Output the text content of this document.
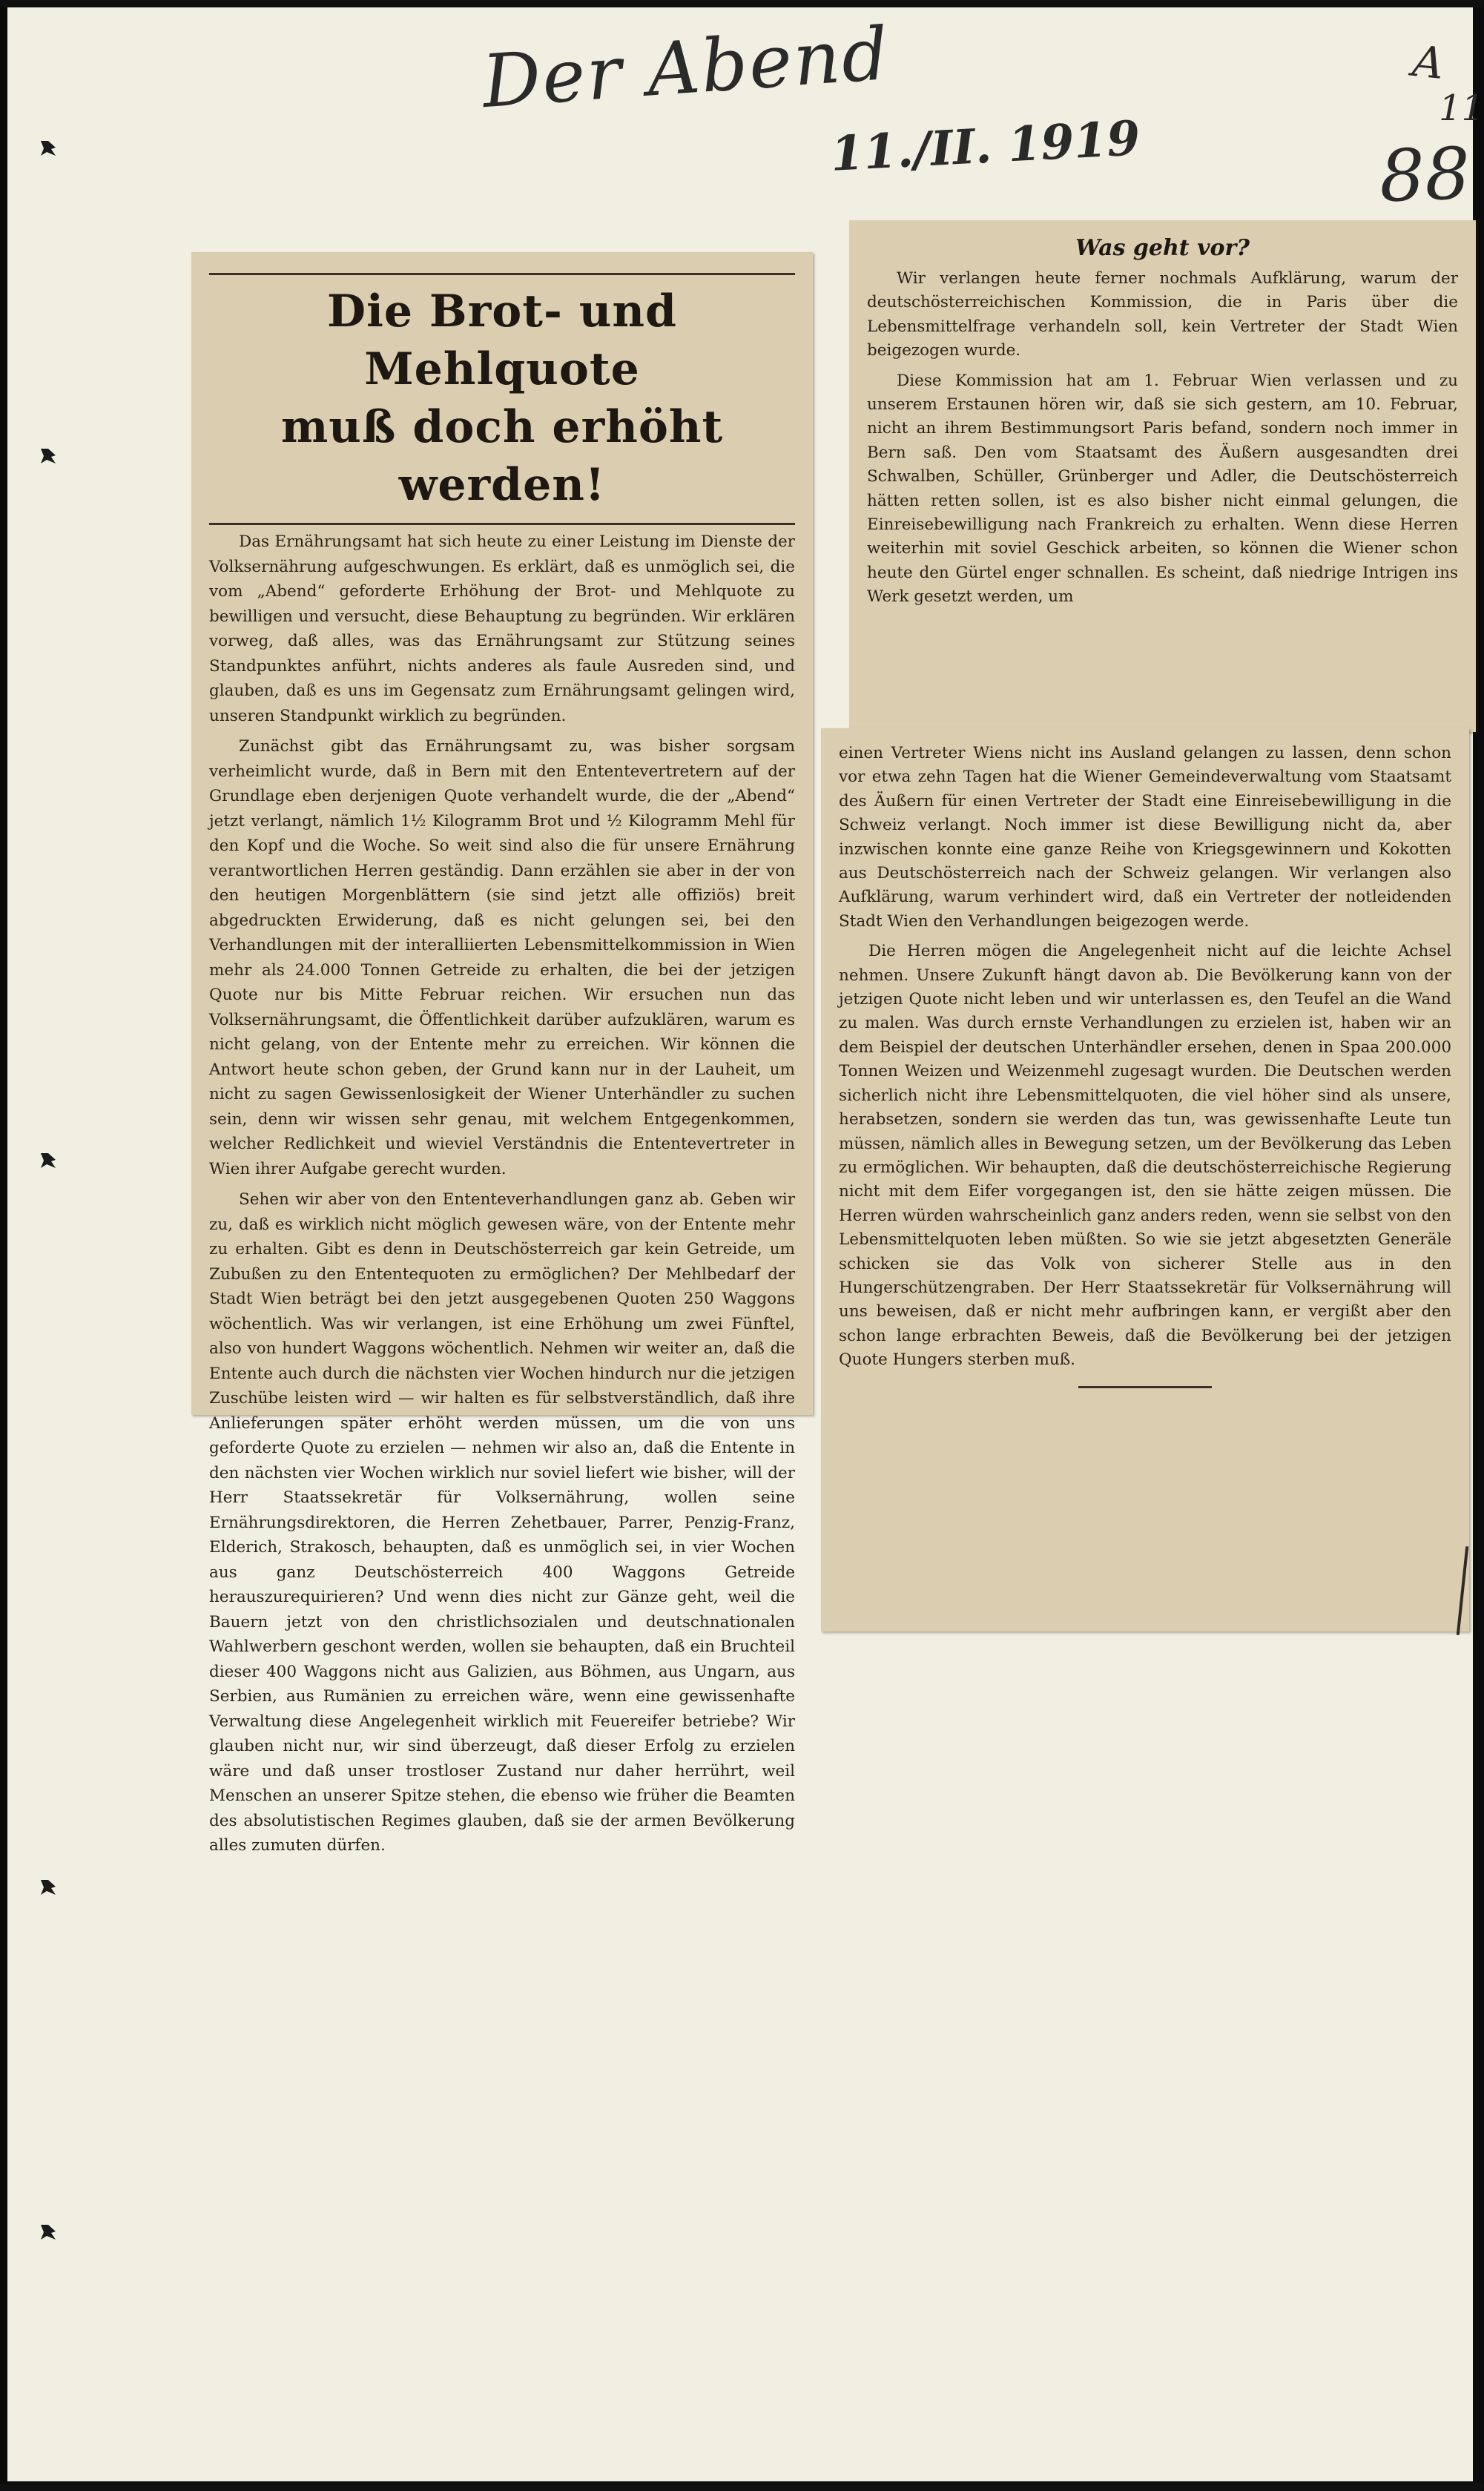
Der Abend
11./II. 1919
A
11
88
Die Brot- und Mehlquote
muß doch erhöht werden!

Das Ernährungsamt hat sich heute zu einer Leistung im Dienste der Volksernährung aufgeschwungen. Es erklärt, daß es unmöglich sei, die vom „Abend“ geforderte Erhöhung der Brot- und Mehlquote zu bewilligen und versucht, diese Behauptung zu begründen. Wir erklären vorweg, daß alles, was das Ernährungsamt zur Stützung seines Standpunktes anführt, nichts anderes als faule Ausreden sind, und glauben, daß es uns im Gegensatz zum Ernährungsamt gelingen wird, unseren Standpunkt wirklich zu begründen.

Zunächst gibt das Ernährungsamt zu, was bisher sorgsam verheimlicht wurde, daß in Bern mit den Ententevertretern auf der Grundlage eben derjenigen Quote verhandelt wurde, die der „Abend“ jetzt verlangt, nämlich 1½ Kilogramm Brot und ½ Kilogramm Mehl für den Kopf und die Woche. So weit sind also die für unsere Ernährung verantwortlichen Herren geständig. Dann erzählen sie aber in der von den heutigen Morgenblättern (sie sind jetzt alle offiziös) breit abgedruckten Erwiderung, daß es nicht gelungen sei, bei den Verhandlungen mit der interalliierten Lebensmittelkommission in Wien mehr als 24.000 Tonnen Getreide zu erhalten, die bei der jetzigen Quote nur bis Mitte Februar reichen. Wir ersuchen nun das Volksernährungsamt, die Öffentlichkeit darüber aufzuklären, warum es nicht gelang, von der Entente mehr zu erreichen. Wir können die Antwort heute schon geben, der Grund kann nur in der Lauheit, um nicht zu sagen Gewissenlosigkeit der Wiener Unterhändler zu suchen sein, denn wir wissen sehr genau, mit welchem Entgegenkommen, welcher Redlichkeit und wieviel Verständnis die Ententevertreter in Wien ihrer Aufgabe gerecht wurden.

Sehen wir aber von den Ententeverhandlungen ganz ab. Geben wir zu, daß es wirklich nicht möglich gewesen wäre, von der Entente mehr zu erhalten. Gibt es denn in Deutschösterreich gar kein Getreide, um Zubußen zu den Ententequoten zu ermöglichen? Der Mehlbedarf der Stadt Wien beträgt bei den jetzt ausgegebenen Quoten 250 Waggons wöchentlich. Was wir verlangen, ist eine Erhöhung um zwei Fünftel, also von hundert Waggons wöchentlich. Nehmen wir weiter an, daß die Entente auch durch die nächsten vier Wochen hindurch nur die jetzigen Zuschübe leisten wird — wir halten es für selbstverständlich, daß ihre Anlieferungen später erhöht werden müssen, um die von uns geforderte Quote zu erzielen — nehmen wir also an, daß die Entente in den nächsten vier Wochen wirklich nur soviel liefert wie bisher, will der Herr Staatssekretär für Volksernährung, wollen seine Ernährungsdirektoren, die Herren Zehetbauer, Parrer, Penzig-Franz, Elderich, Strakosch, behaupten, daß es unmöglich sei, in vier Wochen aus ganz Deutschösterreich 400 Waggons Getreide herauszurequirieren? Und wenn dies nicht zur Gänze geht, weil die Bauern jetzt von den christlichsozialen und deutschnationalen Wahlwerbern geschont werden, wollen sie behaupten, daß ein Bruchteil dieser 400 Waggons nicht aus Galizien, aus Böhmen, aus Ungarn, aus Serbien, aus Rumänien zu erreichen wäre, wenn eine gewissenhafte Verwaltung diese Angelegenheit wirklich mit Feuereifer betriebe? Wir glauben nicht nur, wir sind überzeugt, daß dieser Erfolg zu erzielen wäre und daß unser trostloser Zustand nur daher herrührt, weil Menschen an unserer Spitze stehen, die ebenso wie früher die Beamten des absolutistischen Regimes glauben, daß sie der armen Bevölkerung alles zumuten dürfen.

Was geht vor?

Wir verlangen heute ferner nochmals Aufklärung, warum der deutschösterreichischen Kommission, die in Paris über die Lebensmittelfrage verhandeln soll, kein Vertreter der Stadt Wien beigezogen wurde.

Diese Kommission hat am 1. Februar Wien verlassen und zu unserem Erstaunen hören wir, daß sie sich gestern, am 10. Februar, nicht an ihrem Bestimmungsort Paris befand, sondern noch immer in Bern saß. Den vom Staatsamt des Äußern ausgesandten drei Schwalben, Schüller, Grünberger und Adler, die Deutschösterreich hätten retten sollen, ist es also bisher nicht einmal gelungen, die Einreisebewilligung nach Frankreich zu erhalten. Wenn diese Herren weiterhin mit soviel Geschick arbeiten, so können die Wiener schon heute den Gürtel enger schnallen. Es scheint, daß niedrige Intrigen ins Werk gesetzt werden, um

einen Vertreter Wiens nicht ins Ausland gelangen zu lassen, denn schon vor etwa zehn Tagen hat die Wiener Gemeindeverwaltung vom Staatsamt des Äußern für einen Vertreter der Stadt eine Einreisebewilligung in die Schweiz verlangt. Noch immer ist diese Bewilligung nicht da, aber inzwischen konnte eine ganze Reihe von Kriegsgewinnern und Kokotten aus Deutschösterreich nach der Schweiz gelangen. Wir verlangen also Aufklärung, warum verhindert wird, daß ein Vertreter der notleidenden Stadt Wien den Verhandlungen beigezogen werde.

Die Herren mögen die Angelegenheit nicht auf die leichte Achsel nehmen. Unsere Zukunft hängt davon ab. Die Bevölkerung kann von der jetzigen Quote nicht leben und wir unterlassen es, den Teufel an die Wand zu malen. Was durch ernste Verhandlungen zu erzielen ist, haben wir an dem Beispiel der deutschen Unterhändler ersehen, denen in Spaa 200.000 Tonnen Weizen und Weizenmehl zugesagt wurden. Die Deutschen werden sicherlich nicht ihre Lebensmittelquoten, die viel höher sind als unsere, herabsetzen, sondern sie werden das tun, was gewissenhafte Leute tun müssen, nämlich alles in Bewegung setzen, um der Bevölkerung das Leben zu ermöglichen. Wir behaupten, daß die deutschösterreichische Regierung nicht mit dem Eifer vorgegangen ist, den sie hätte zeigen müssen. Die Herren würden wahrscheinlich ganz anders reden, wenn sie selbst von den Lebensmittelquoten leben müßten. So wie sie jetzt abgesetzten Generäle schicken sie das Volk von sicherer Stelle aus in den Hungerschützengraben. Der Herr Staatssekretär für Volksernährung will uns beweisen, daß er nicht mehr aufbringen kann, er vergißt aber den schon lange erbrachten Beweis, daß die Bevölkerung bei der jetzigen Quote Hungers sterben muß.
